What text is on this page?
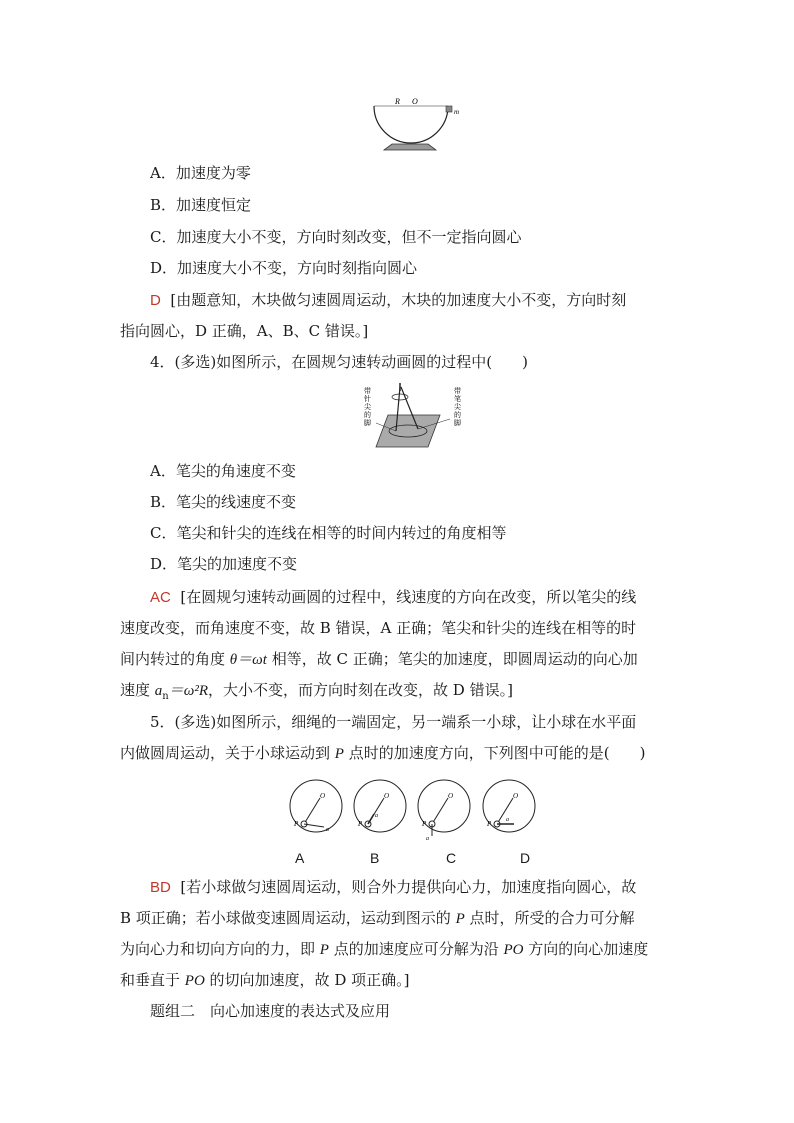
R O
m
A．加速度为零
B．加速度恒定
C．加速度大小不变，方向时刻改变，但不一定指向圆心
D．加速度大小不变，方向时刻指向圆心
D [由题意知，木块做匀速圆周运动，木块的加速度大小不变，方向时刻
指向圆心，D 正确，A、B、C 错误。]
4．(多选)如图所示，在圆规匀速转动画圆的过程中(　　)
带
针
尖
的
脚
带
笔
尖
的
脚
A．笔尖的角速度不变
B．笔尖的线速度不变
C．笔尖和针尖的连线在相等的时间内转过的角度相等
D．笔尖的加速度不变
AC [在圆规匀速转动画圆的过程中，线速度的方向在改变，所以笔尖的线
速度改变，而角速度不变，故 B 错误，A 正确；笔尖和针尖的连线在相等的时
间内转过的角度 θ＝ωt 相等，故 C 正确；笔尖的加速度，即圆周运动的向心加
速度 $a_n=\omega^2R$，大小不变，而方向时刻在改变，故 D 错误。]
5．(多选)如图所示，细绳的一端固定，另一端系一小球，让小球在水平面
内做圆周运动，关于小球运动到 P 点时的加速度方向，下列图中可能的是(　　)
O
P
a
O
P
a
O
P
a
O
P a
A	B	C	D
BD [若小球做匀速圆周运动，则合外力提供向心力，加速度指向圆心，故
B 项正确；若小球做变速圆周运动，运动到图示的 P 点时，所受的合力可分解
为向心力和切向方向的力，即 P 点的加速度应可分解为沿 PO 方向的向心加速度
和垂直于 PO 的切向加速度，故 D 项正确。]
题组二　向心加速度的表达式及应用
